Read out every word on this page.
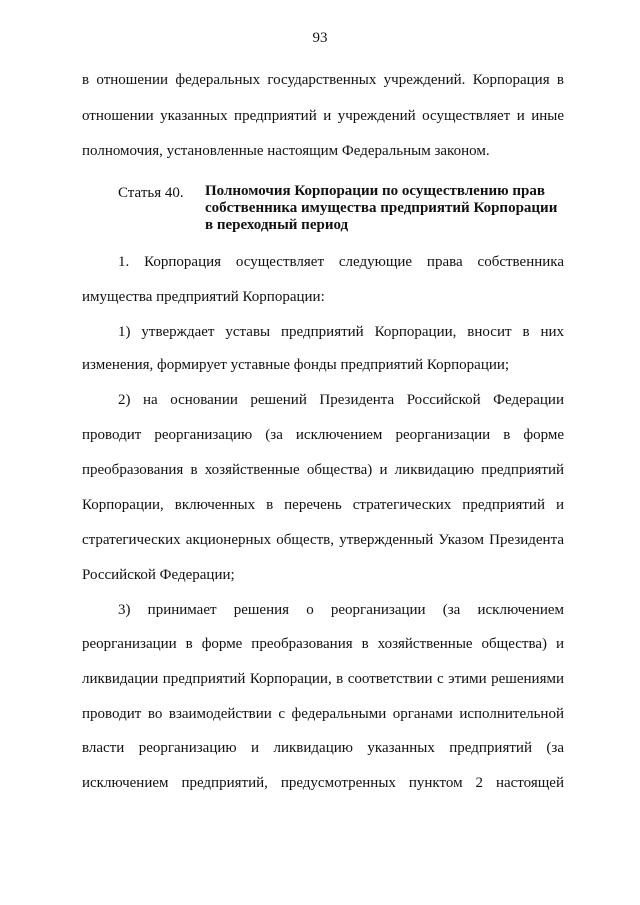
93
в отношении федеральных государственных учреждений. Корпорация в
отношении указанных предприятий и учреждений осуществляет и иные
полномочия, установленные настоящим Федеральным законом.
Статья 40. Полномочия Корпорации по осуществлению прав
собственника имущества предприятий Корпорации
в переходный период
1. Корпорация осуществляет следующие права собственника
имущества предприятий Корпорации:
1) утверждает уставы предприятий Корпорации, вносит в них
изменения, формирует уставные фонды предприятий Корпорации;
2) на основании решений Президента Российской Федерации
проводит реорганизацию (за исключением реорганизации в форме
преобразования в хозяйственные общества) и ликвидацию предприятий
Корпорации, включенных в перечень стратегических предприятий и
стратегических акционерных обществ, утвержденный Указом Президента
Российской Федерации;
3) принимает решения о реорганизации (за исключением
реорганизации в форме преобразования в хозяйственные общества) и
ликвидации предприятий Корпорации, в соответствии с этими решениями
проводит во взаимодействии с федеральными органами исполнительной
власти реорганизацию и ликвидацию указанных предприятий (за
исключением предприятий, предусмотренных пунктом 2 настоящей
